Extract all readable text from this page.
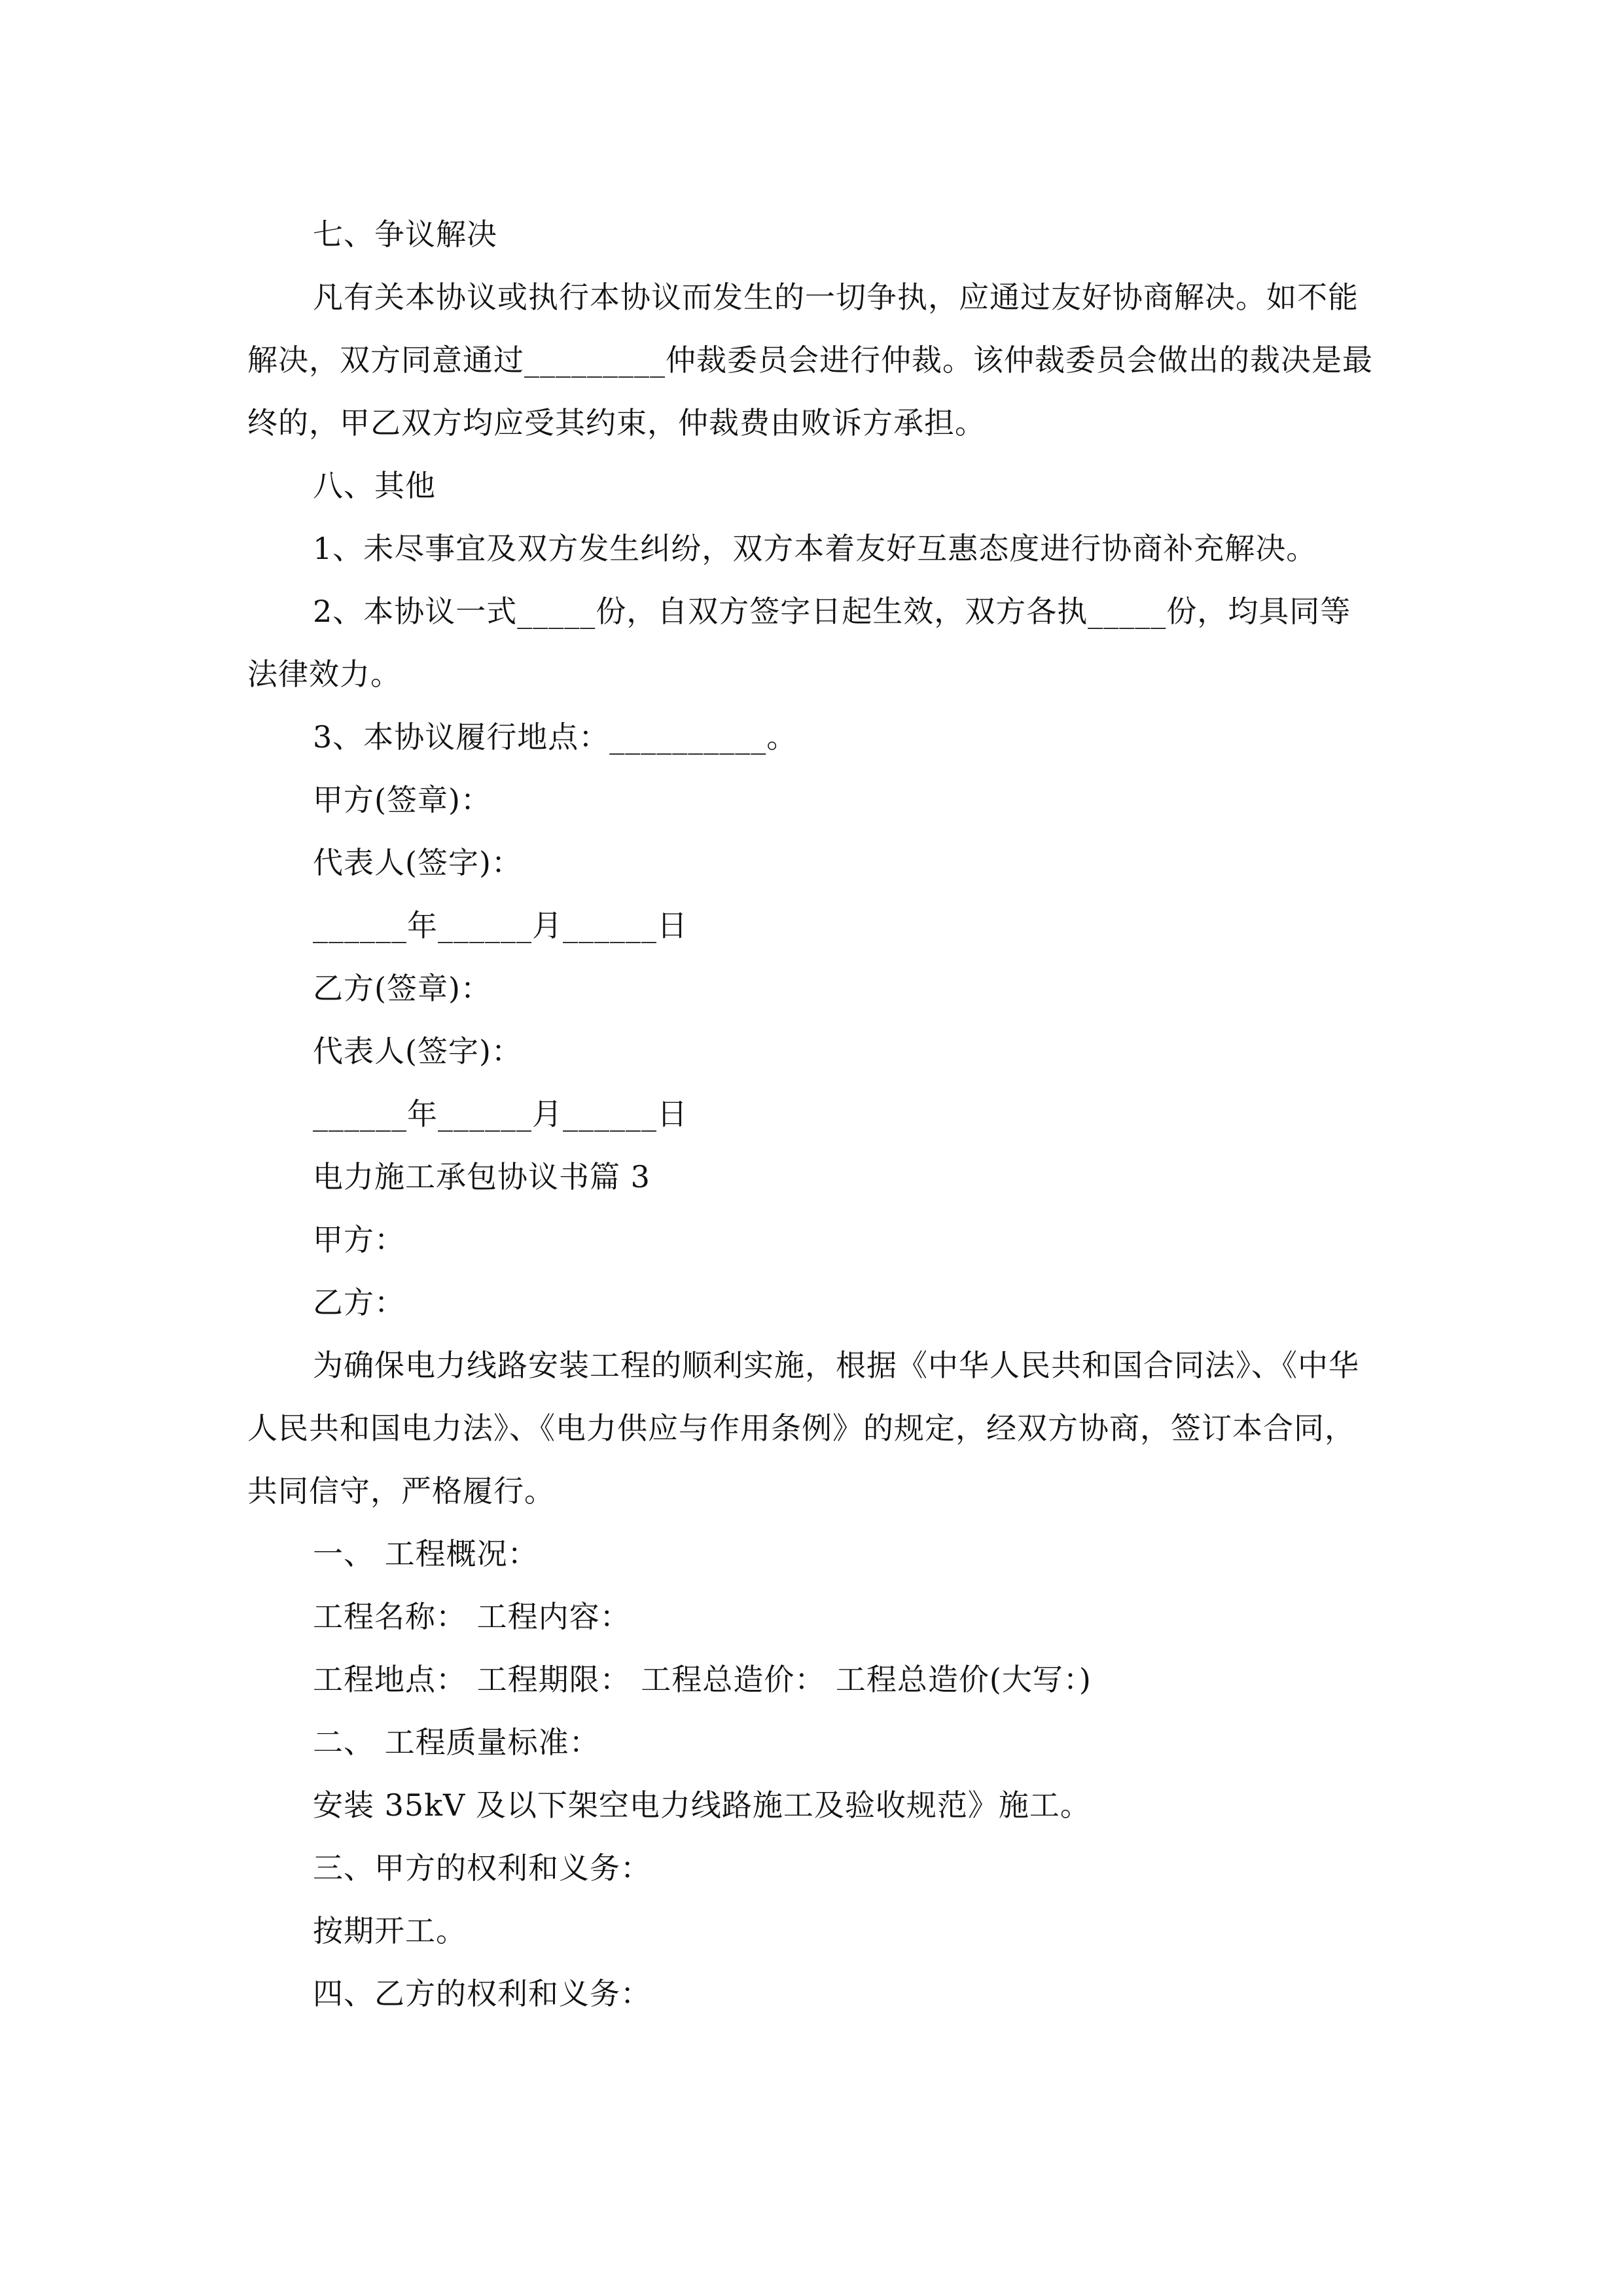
七、争议解决

凡有关本协议或执行本协议而发生的一切争执，应通过友好协商解决。如不能解决，双方同意通过_________仲裁委员会进行仲裁。该仲裁委员会做出的裁决是最终的，甲乙双方均应受其约束，仲裁费由败诉方承担。

八、其他

1、未尽事宜及双方发生纠纷，双方本着友好互惠态度进行协商补充解决。

2、本协议一式_____份，自双方签字日起生效，双方各执_____份，均具同等法律效力。

3、本协议履行地点：__________。

甲方(签章)：

代表人(签字)：

______年______月______日

乙方(签章)：

代表人(签字)：

______年______月______日

电力施工承包协议书篇 3

甲方：

乙方：

为确保电力线路安装工程的顺利实施，根据《中华人民共和国合同法》、《中华人民共和国电力法》、《电力供应与作用条例》的规定，经双方协商，签订本合同，共同信守，严格履行。

一、 工程概况：

工程名称： 工程内容：

工程地点： 工程期限： 工程总造价： 工程总造价(大写：)

二、 工程质量标准：

安装 35kV 及以下架空电力线路施工及验收规范》施工。

三、甲方的权利和义务：

按期开工。

四、乙方的权利和义务：
